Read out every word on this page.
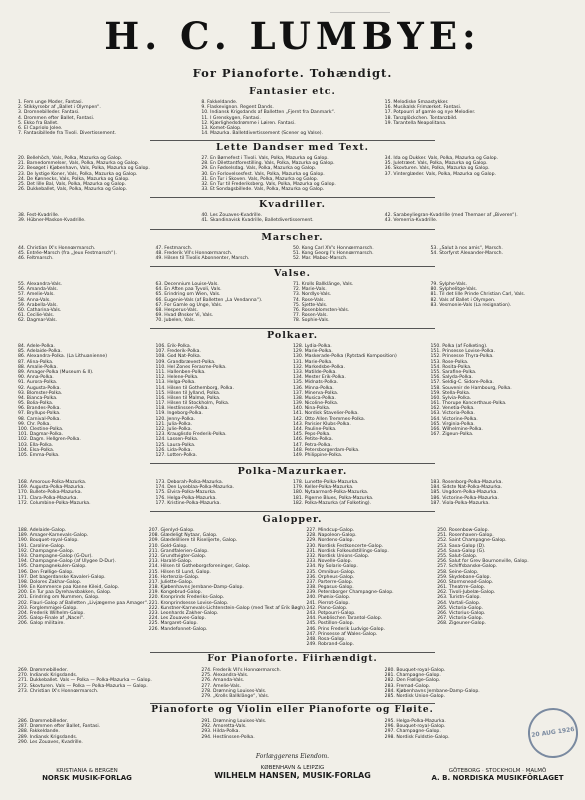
H. C. LUMBYE:
For Pianoforte. Tohændigt.
Fantasier etc.
1. Fem unge Moder, Fantasi.
2. Stikkyrsebr af „Ballet i Olympen“.
3. Dromnebilleder. Fantasi.
4. Drommen efter Ballet, Fantasi.
5. Ekko fra Ballet.
6. El Capriolo Jolee.
7. Fantasibillede fra Tivoli. Divertissement.
8. Fakkeldande.
9. Flaskevignon. Regent Dands.
10. Indiansk Krigsdands af Balletten „Fjernt fra Danmark“.
11. I Grenskygen, Fantasi.
12. Kjærlighedsdrømme i Løiren. Fantasi.
13. Komet-Galop.
14. Mazurka. Balletdivertissement (Scener og Valse).
15. Melodiske Smaastykker.
16. Musikalsk Frimærket. Fantasi.
17. Potpourri af gamle og nye Melodier.
18. Tanzglöckchen. Tontanzbild.
19. Tarantella Neapolitana.
Lette Dandser med Text.
20. Bellehöch, Vals, Polka, Mazurka og Galop.
21. Barnedommelser, Vals, Polka, Mazurka og Galop.
22. Besøget i Kjøbenhavn, Vals, Polka, Mazurka og Galop.
23. De lystige Koner, Vals, Polka, Mazurka og Galop.
24. De Kønnecks, Vals, Polka, Mazurka og Galop.
25. Det lille Bal, Vals, Polka, Mazurka og Galop.
26. Dukkeballet, Vals, Polka, Mazurka og Galop.
27. En Børnefest i Tivoli. Vals, Polka, Mazurka og Galop.
28. En Dilettantforestilling. Vals, Polka, Mazurka og Galop.
29. En Fødselsdag. Vals, Polka, Mazurka og Galop.
30. En Forlovelsesfest. Vals, Polka, Mazurka og Galop.
31. En Tur i Skoven. Vals, Polka, Mazurka og Galop.
32. En Tur til Frederiksberg. Vals, Polka, Mazurka og Galop.
33. Et Sondagsbillede. Vals, Polka, Mazurka og Galop.
34. Ida og Dukker. Vals, Polka, Mazurka og Galop.
35. Juletræet. Vals, Polka, Mazurka og Galop.
36. Skovturen. Vals, Polka, Mazurka og Galop.
37. Vinterglæder. Vals, Polka, Mazurka og Galop.
Kvadriller.
38. Fest-Kvadrille.
39. Hübner-Maskon-Kvadrille.
40. Les Zouaves-Kvadrille.
41. Skandinavisk Kvadrille, Balletdivertissement.
42. Sarabeyliegran-Kvadrille (med Themaer af „Biveren“).
43. Vemerria-Kvadrille.
Marscher.
44. Christian IX's Honnœrmarsch.
45. Entrée-Marsch (fra „Jeux Festmarsch“).
46. Feltmarsch.
47. Festmarsch.
48. Frederik VII's Honnœrmarsch.
49. Hilsen til Tivolis Abonnenter, Marsch.
50. Kong Carl XV's Honnœrmarsch.
51. Kong Georg I's Honnœrmarsch.
52. Mar. Maboc-Marsch.
53. „Salut à nos amis“, Marsch.
54. Storfyrst Alexander-Marsch.
Valse.
55. Alexandra-Vals.
56. Amanda-Vals.
57. Amelie-Vals.
58. Anna-Vals.
59. Arabella-Vals.
60. Catharina-Vals.
61. Cecilie-Vals.
62. Dagmar-Vals.
63. Decennium Louise-Vals.
64. En Aften paa Tyvoli, Vals.
65. Erindring om Wien, Vals.
66. Eugenie-Vals (af Balletten „La Vendanna“).
67. For Gamle og Unge, Vals.
68. Hesperus-Vals.
69. Hvad Ønsker Vi, Vals.
70. Jubelen, Vals.
71. Krolls Ballklänge, Vals.
72. Marie-Vals.
73. Nordlys-Vals.
74. Rose-Vals.
75. Sjette-Vals.
76. Rosenblomsten-Vals.
77. Rosen-Vals.
78. Sophie-Vals.
79. Sylphe-Vals.
80. Sylphelitge-Vals.
81. Til det lille Prinde Christian Carl, Vals.
82. Vals af Ballet i Olympen.
83. Vesmonie-Vals (La resignation).
Polkaer.
84. Adele-Polka.
85. Adelaide-Polka.
86. Alexandra-Polka. (La Lithuanienne)
87. Alina-Polka.
88. Amalie-Polka.
89. Amager-Polka (Museum & II).
90. Anna-Polka.
91. Aurora-Polka.
92. Augusta-Polka.
93. Blomster-Polka.
94. Bianca-Polka.
95. Bolia-Polka.
96. Brandes-Polka.
97. Bryllups-Polka.
98. Carnival-Polka.
99. Chr. Polka.
100. Clestine-Polka.
101. Dagmar-Polka.
102. Dagm. Hellgren-Polka.
103. Ella-Polka.
104. Elsa-Polka.
105. Emma-Polka.
106. Erik-Polka.
107. Frederik-Polka.
108. God Nat-Polka.
109. Grandbrævest-Polka.
110. Hel Zones Ferasme-Polka.
111. Hallenben-Polka.
112. Helene-Polka.
113. Helga-Polka.
114. Hilsen til Gothemborg, Polka.
115. Hilsen til Jylland, Polka.
116. Hilsen til Malmø, Polka.
117. Hilsen til Stockholm, Polka.
118. Hestlinssen-Polka.
119. Ingeborg-Polka.
120. Jenny-Polka.
121. Julia-Polka.
122. Julie-Polka.
123. Krauglisdo Frederik-Polka.
124. Lassen-Polka.
125. Laura-Polka.
126. Lida-Polka.
127. Lotten-Polka.
128. Lydia-Polka.
129. Marie-Polka.
130. Maskerade-Polka (Rytstadi Komposition)
131. Marie-Polka.
132. Markedsbe-Polka.
133. Matilde-Polka.
134. Mester Erik-Polka.
135. Midnats-Polka.
136. Minna-Polka.
137. Minerva-Polka.
138. Musica-Polka.
139. Nicoline-Polka.
140. Nina-Polka.
141. Nordisk Stavelier-Polka.
142. Otto Allen Tremmes-Polka.
143. Parisier Klubs-Polka.
144. Pauline-Polka.
145. Peps-Polka.
146. Petite-Polka.
147. Petra-Polka.
148. Petersborgerdam-Polka.
149. Philippine-Polka.
150. Polka (af Folketing).
151. Prinsesse Lovise-Polka.
152. Prinsesse Thyra-Polka.
153. Rose-Polka.
154. Rosita-Polka.
155. Sarafine-Polka.
156. Salyda-Polka.
157. Seldig-C. Sidore-Polka.
158. Souvenir de Hambourg, Polka.
159. Stella-Polka.
160. Sylvia-Polka.
161. Thorupe Koncerthaus-Polka.
162. Venetia-Polka.
163. Victoria-Polka.
164. Victorine-Polka.
165. Virginia-Polka.
166. Wilhelmine-Polka.
167. Zigeun-Polka.
Polka-Mazurkaer.
168. Amorous-Polka-Mazurka.
169. Augusta-Polka-Mazurka.
170. Bullete-Polka-Mazurka.
171. Clara-Polka-Mazurka.
172. Columbine-Polka-Mazurka.
173. Deborah-Polka-Mazurka.
174. Den Lyseblaa-Polka-Mazurka.
175. Elvira-Polka-Mazurka.
176. Helga-Polka-Mazurka.
177. Kristine-Polka-Mazurka.
178. Lunette-Polka-Mazurka.
179. Keller-Polka-Mazurka.
180. Nytaarmorð-Polka-Mazurka.
181. Pigerne Blues, Polka-Mazurka.
182. Polka-Mazurka (af Folketing).
183. Rosenborg-Polka-Mazurka.
184. Sidste Nat-Polka-Mazurka.
185. Ungdom-Polka-Mazurka.
186. Victorine-Polka-Mazurka.
187. Viola-Polka-Mazurka.
Galopper.
188. Adelaide-Galop.
189. Amager-Karnevals-Galop.
190. Bouquet-royal-Galop.
191. Caroline-Galop.
192. Champagne-Galop.
193. Champagne-Galop (G-Dur).
194. Champagne-Galop (af Ulygee D-Dur).
195. Champagnekulen-Galop.
196. Den Frøllige-Galop.
197. Det bagerdanske Kavaleri-Galop.
198. Dolores Zakhar-Galop.
199. En Kommerce paa Kanne Kileid, Galop.
200. En Tur paa Dyrehavsbakken, Galop.
201. Erindring om Nummen, Galop.
202. Flauri-Galop af Balletten „Livjægerne paa Amager“.
203. Forglemmigei-Galop.
204. Frederik Wilhelm-Galop.
205. Galop-Finale af „Nacel“.
206. Galop militaire.
207. Gjenlyd-Galop.
208. Glædeligt Nytaar, Galop.
209. Glædelilliere til Riselijerte, Galop.
210. Gold-Galop.
211. Grandfalerien-Galop.
212. Grundtvigter-Galop.
213. Harald-Galop.
214. Hilsen til Gotheborgsforeninger, Galop.
215. Hilsen til Lund, Galop.
216. Hortenzia-Galop.
217. Juliette-Galop.
218. Kjøbenhavns Jernbane-Damp-Galop.
219. Kongebrud-Galop.
220. Kronprinds Frederiks-Galop.
221. Kronprindsesse Lovise-Galop.
222. Kunstner-Karnevals-Lichtenstein-Galop (med Text af Erik Bøgh).
223. Leonhards Zakher-Galop.
224. Les Zouaves-Galop.
225. Margaret-Galop.
226. Mandefonnet-Galop.
227. Mindcup-Galop.
228. Napoleon-Galop.
229. Nordens-Galop.
230. Nordisk Festkoncerte-Galop.
231. Nordisk Folkeudstillings-Galop.
232. Nordisk Unions-Galop.
233. Novelle-Galop.
234. Ny Solaris-Galop.
235. Omnibus-Galop.
236. Orpheus-Galop.
237. Parterre-Galop.
238. Pegasus-Galop.
239. Petersborger Champagne-Galop.
240. Phønix-Galop.
241. Pierrot-Galop.
242. Piano-Galop.
243. Potpourri-Galop.
244. Pueblischen Tarantol-Galop.
245. Postillon-Galop.
246. Prins Frederik Ludvigs-Galop.
247. Prinsesse af Wales-Galop.
248. Rosa-Galop.
249. Robrand-Galop.
250. Rosenbow-Galop.
251. Rosenhaven-Galop.
252. Saint Champagne-Galop.
253. Saxa-Galop (D).
254. Saxa-Galop (G).
255. Salut-Galop.
256. Salut for Grev Bournonville, Galop.
257. Schiffsbanske-Galop.
258. Seine-Galop.
259. Skydebane-Galop.
260. Stormsnead-Galop.
261. Theatrre-Galop.
262. Tivoli-Jubelæ-Galop.
263. Turistn-Galop.
264. Vartali-Galop.
265. Victoria-Galop.
266. Victorius-Galop.
267. Victoria-Galop.
268. Zigeuner-Galop.
For Pianoforte. Fiirhændigt.
269. Drømmebilleder.
270. Indiansk Krigsdands.
271. Dukkeballet. Vals — Polka — Polka-Mazurka — Galop.
272. Skovturen. Vals — Polka — Polka-Mazurka — Galop.
273. Christian IX's Honnœrmarsch.
274. Frederik VII's Honnœrmarsch.
275. Alexandra-Vals.
276. Amanda-Vals.
277. Amelie-Vals.
278. Drømning Louises-Vals.
279. „Krolls Ballklänge“, Vals.
280. Bouquet-royal-Galop.
281. Champagne-Galop.
282. Den Frøllige-Galop.
283. Fremad-Galop.
284. Kjøbenhavns Jernbane-Damp-Galop.
285. Nordisk Union-Galop.
Pianoforte og Violin eller Pianoforte og Fløite.
286. Drømmebilleder.
287. Drømmen efter Ballet, Fantasi.
288. Fakkeldande.
289. Indiansk Krigsdands.
290. Les Zouaves, Kvadrille.
291. Drømning Louises-Vals.
292. Amoretta-Vals.
293. Hilda-Polka.
294. Hestlinssen-Polka.
295. Helga-Polka-Mazurka.
296. Bouquet-royal-Galop.
297. Champagne-Galop.
298. Nordisk Fuldstie-Galop.
Forlæggerens Eiendom.
KRISTIANIA & BERGEN
NORSK MUSIK-FORLAG
KØBENHAVN & LEIPZIG
WILHELM HANSEN, MUSIK-FORLAG	GÖTEBORG · STOCKHOLM · MALMÖ
A. B. NORDISKA MUSIKFÖRLAGET
20 AUG 1926
